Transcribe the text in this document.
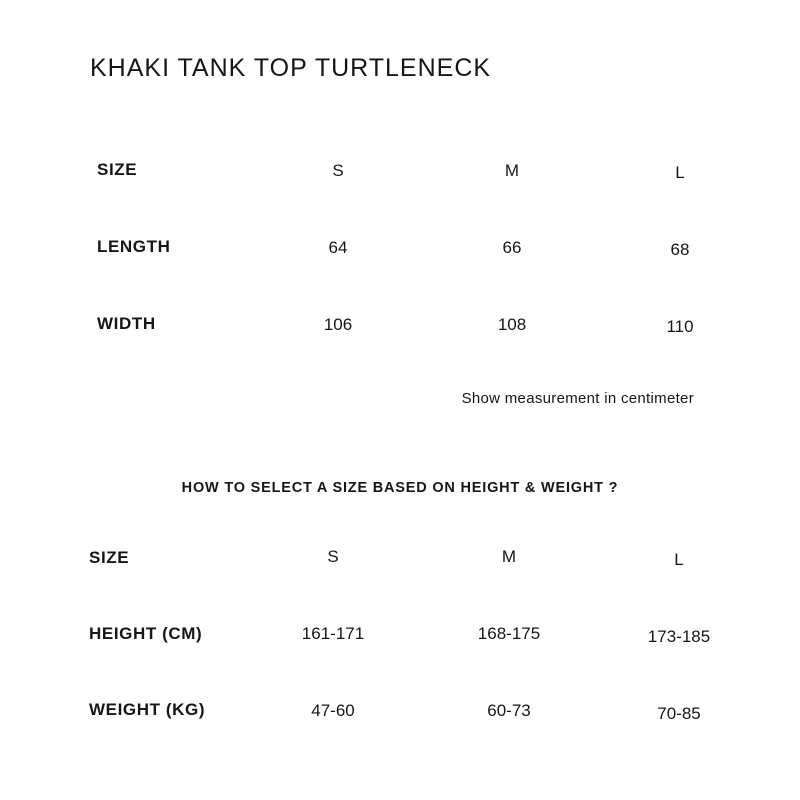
KHAKI TANK TOP TURTLENECK
SIZE	S	M	L
LENGTH	64	66	68
WIDTH	106	108	110
Show measurement in centimeter
HOW TO SELECT A SIZE BASED ON HEIGHT & WEIGHT ?
SIZE	S	M	L
HEIGHT (CM)	161-171	168-175	173-185
WEIGHT (KG)	47-60	60-73	70-85
